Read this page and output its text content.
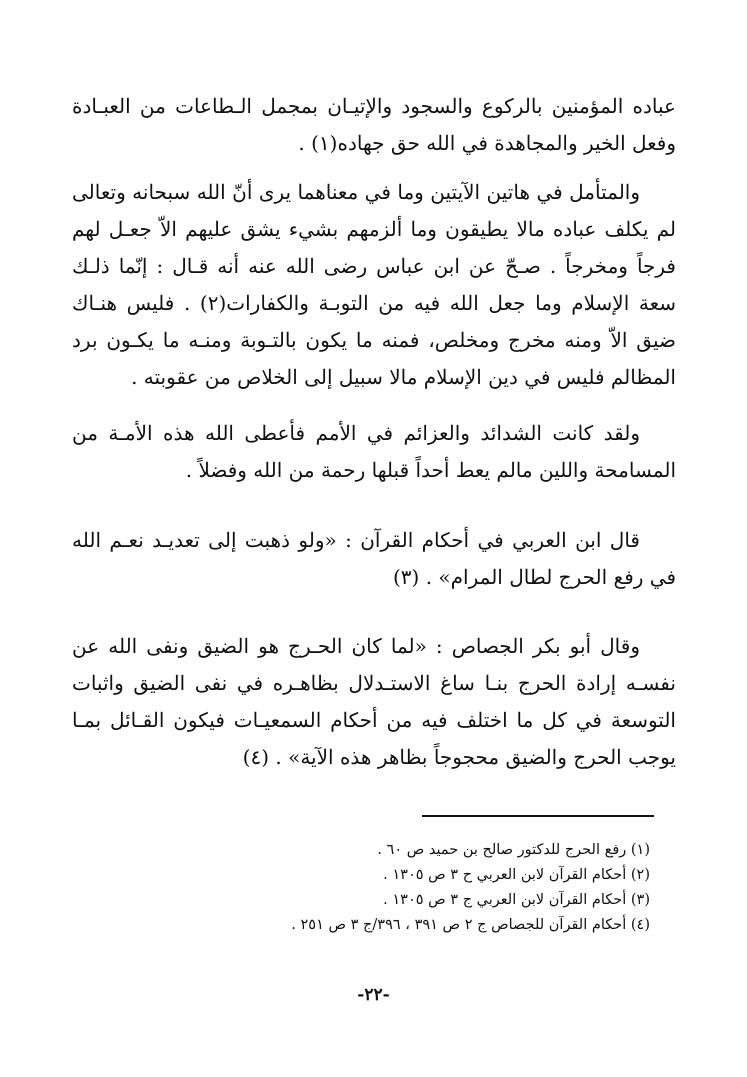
عباده المؤمنين بالركوع والسجود والإتيـان بمجمل الـطاعات من العبـادة وفعل الخير والمجاهدة في الله حق جهاده(١) .

والمتأمل في هاتين الآيتين وما في معناهما يرى أنّ الله سبحانه وتعالى لم يكلف عباده مالا يطيقون وما ألزمهم بشيء يشق عليهم الاّ جعـل لهم فرجاً ومخرجاً . صـحّ عن ابن عباس رضى الله عنه أنه قـال : إنّما ذلـك سعة الإسلام وما جعل الله فيه من التوبـة والكفارات(٢) . فليس هنـاك ضيق الاّ ومنه مخرج ومخلص، فمنه ما يكون بالتـوبة ومنـه ما يكـون برد المظالم فليس في دين الإسلام مالا سبيل إلى الخلاص من عقوبته .

ولقد كانت الشدائد والعزائم في الأمم فأعطى الله هذه الأمـة من المسامحة واللين مالم يعط أحداً قبلها رحمة من الله وفضلاً .

قال ابن العربي في أحكام القرآن : «ولو ذهبت إلى تعديـد نعـم الله في رفع الحرج لطال المرام» . (٣)

وقال أبو بكر الجصاص : «لما كان الحـرج هو الضيق ونفى الله عن نفسـه إرادة الحرج بنـا ساغ الاستـدلال بظاهـره في نفى الضيق واثبات التوسعة في كل ما اختلف فيه من أحكام السمعيـات فيكون القـائل بمـا يوجب الحرج والضيق محجوجاً بظاهر هذه الآية» . (٤)

(١) رفع الحرج للدكتور صالح بن حميد ص ٦٠ .
(٢) أحكام القرآن لابن العربي ح ٣ ص ١٣٠٥ .
(٣) أحكام القرآن لابن العربي ج ٣ ص ١٣٠٥ .
(٤) أحكام القرآن للجصاص ج ٢ ص ٣٩١ ، ٣٩٦/ج ٣ ص ٢٥١ .
-٢٢-
